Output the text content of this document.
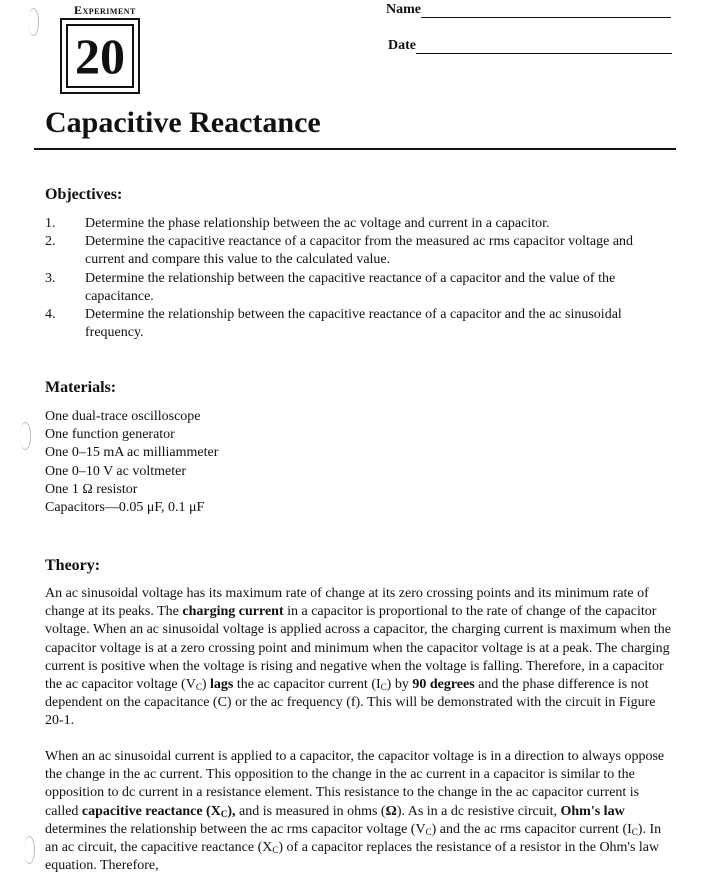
Experiment
20
Name
Date
Capacitive Reactance
Objectives:
1. Determine the phase relationship between the ac voltage and current in a capacitor.
2. Determine the capacitive reactance of a capacitor from the measured ac rms capacitor voltage and current and compare this value to the calculated value.
3. Determine the relationship between the capacitive reactance of a capacitor and the value of the capacitance.
4. Determine the relationship between the capacitive reactance of a capacitor and the ac sinusoidal frequency.
Materials:
One dual-trace oscilloscope
One function generator
One 0–15 mA ac milliammeter
One 0–10 V ac voltmeter
One 1 Ω resistor
Capacitors—0.05 μF, 0.1 μF
Theory:
An ac sinusoidal voltage has its maximum rate of change at its zero crossing points and its minimum rate of change at its peaks. The charging current in a capacitor is proportional to the rate of change of the capacitor voltage. When an ac sinusoidal voltage is applied across a capacitor, the charging current is maximum when the capacitor voltage is at a zero crossing point and minimum when the capacitor voltage is at a peak. The charging current is positive when the voltage is rising and negative when the voltage is falling. Therefore, in a capacitor the ac capacitor voltage $(V_C)$ lags the ac capacitor current $(I_C)$ by 90 degrees and the phase difference is not dependent on the capacitance (C) or the ac frequency (f). This will be demonstrated with the circuit in Figure 20-1.
When an ac sinusoidal current is applied to a capacitor, the capacitor voltage is in a direction to always oppose the change in the ac current. This opposition to the change in the ac current in a capacitor is similar to the opposition to dc current in a resistance element. This resistance to the change in the ac capacitor current is called capacitive reactance $(X_C)$, and is measured in ohms (Ω). As in a dc resistive circuit, Ohm's law determines the relationship between the ac rms capacitor voltage $(V_C)$ and the ac rms capacitor current $(I_C)$. In an ac circuit, the capacitive reactance $(X_C)$ of a capacitor replaces the resistance of a resistor in the Ohm's law equation. Therefore,
